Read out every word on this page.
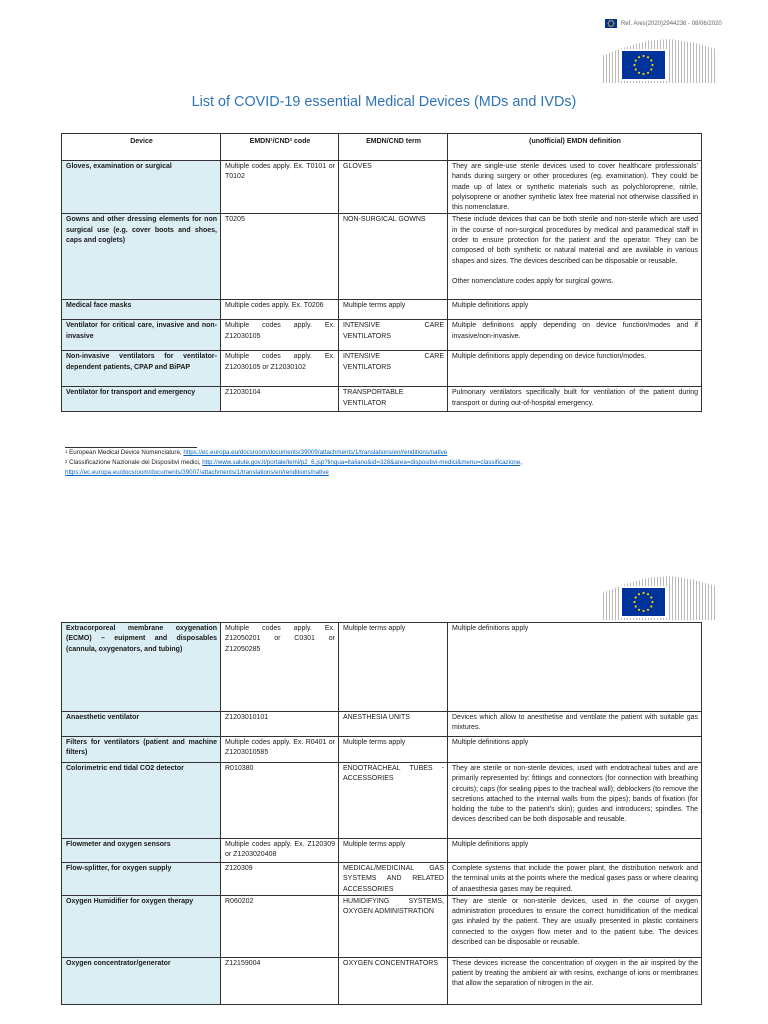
Ref. Ares(2020)2944236 - 08/06/2020
List of COVID-19 essential Medical Devices (MDs and IVDs)
Device	EMDN¹/CND² code	EMDN/CND term	(unofficial) EMDN definition

Gloves, examination or surgical	Multiple codes apply. Ex. T0101 or T0102	GLOVES	They are single-use sterile devices used to cover healthcare professionals’ hands during surgery or other procedures (eg. examination). They could be made up of latex or synthetic materials such as polychloroprene, nitrile, polyisoprene or another synthetic latex free material not otherwise classified in this nomenclature.

Gowns and other dressing elements for non surgical use (e.g. cover boots and shoes, caps and coglets)	T0205	NON-SURGICAL GOWNS	These include devices that can be both sterile and non-sterile which are used in the course of non-surgical procedures by medical and paramedical staff in order to ensure protection for the patient and the operator. They can be composed of both synthetic or natural material and are available in various shapes and sizes. The devices described can be disposable or reusable.
Other nomenclature codes apply for surgical gowns.

Medical face masks	Multiple codes apply. Ex. T0206	Multiple terms apply	Multiple definitions apply

Ventilator for critical care, invasive and non-invasive	Multiple codes apply. Ex. Z12030105	INTENSIVE CARE VENTILATORS	Multiple definitions apply depending on device function/modes and if invasive/non-invasive.

Non-invasive ventilators for ventilator-dependent patients, CPAP and BiPAP	Multiple codes apply. Ex. Z12030105 or Z12030102	INTENSIVE CARE VENTILATORS	Multiple definitions apply depending on device function/modes.

Ventilator for transport and emergency	Z12030104	TRANSPORTABLE VENTILATOR	Pulmonary ventilators specifically built for ventilation of the patient during transport or during out-of-hospital emergency.
$^1$ European Medical Device Nomenclature, https://ec.europa.eu/docsroom/documents/39009/attachments/1/translations/en/renditions/native
$^2$ Classificazione Nazionale dei Dispositivi medici, http://www.salute.gov.it/portale/temi/p2_6.jsp?lingua=italiano&id=328&area=dispositivi-medici&menu=classificazione,
https://ec.europa.eu/docsroom/documents/39007/attachments/1/translations/en/renditions/native
Extracorporeal membrane oxygenation (ECMO) – euipment and disposables (cannula, oxygenators, and tubing)	Multiple codes apply. Ex. Z12050201 or C0301 or Z12050285	Multiple terms apply	Multiple definitions apply

Anaesthetic ventilator	Z1203010101	ANESTHESIA UNITS	Devices which allow to anesthetise and ventilate the patient with suitable gas mixtures.

Filters for ventilators (patient and machine filters)	Multiple codes apply. Ex. R0401 or Z1203010585	Multiple terms apply	Multiple definitions apply

Colorimetric end tidal CO2 detector	R010380	ENDOTRACHEAL TUBES - ACCESSORIES	They are sterile or non-sterile devices, used with endotracheal tubes and are primarily represented by: fittings and connectors (for connection with breathing circuits); caps (for sealing pipes to the tracheal wall); deblockers (to remove the secretions attached to the internal walls from the pipes); bands of fixation (for holding the tube to the patient’s skin); guides and introducers; spindles. The devices described can be both disposable and reusable.

Flowmeter and oxygen sensors	Multiple codes apply. Ex. Z120309 or Z1203020408	Multiple terms apply	Multiple definitions apply

Flow-splitter, for oxygen supply	Z120309	MEDICAL/MEDICINAL GAS SYSTEMS AND RELATED ACCESSORIES	Complete systems that include the power plant, the distribution network and the terminal units at the points where the medical gases pass or where clearing of anaesthesia gases may be required.

Oxygen Humidifier for oxygen therapy	R060202	HUMIDIFYING SYSTEMS, OXYGEN ADMINISTRATION	They are sterile or non-sterile devices, used in the course of oxygen administration procedures to ensure the correct humidification of the medical gas inhaled by the patient. They are usually presented in plastic containers connected to the oxygen flow meter and to the patient tube. The devices described can be disposable or reusable.

Oxygen concentrator/generator	Z12159004	OXYGEN CONCENTRATORS	These devices increase the concentration of oxygen in the air inspired by the patient by treating the ambient air with resins, exchange of ions or membranes that allow the separation of nitrogen in the air.
